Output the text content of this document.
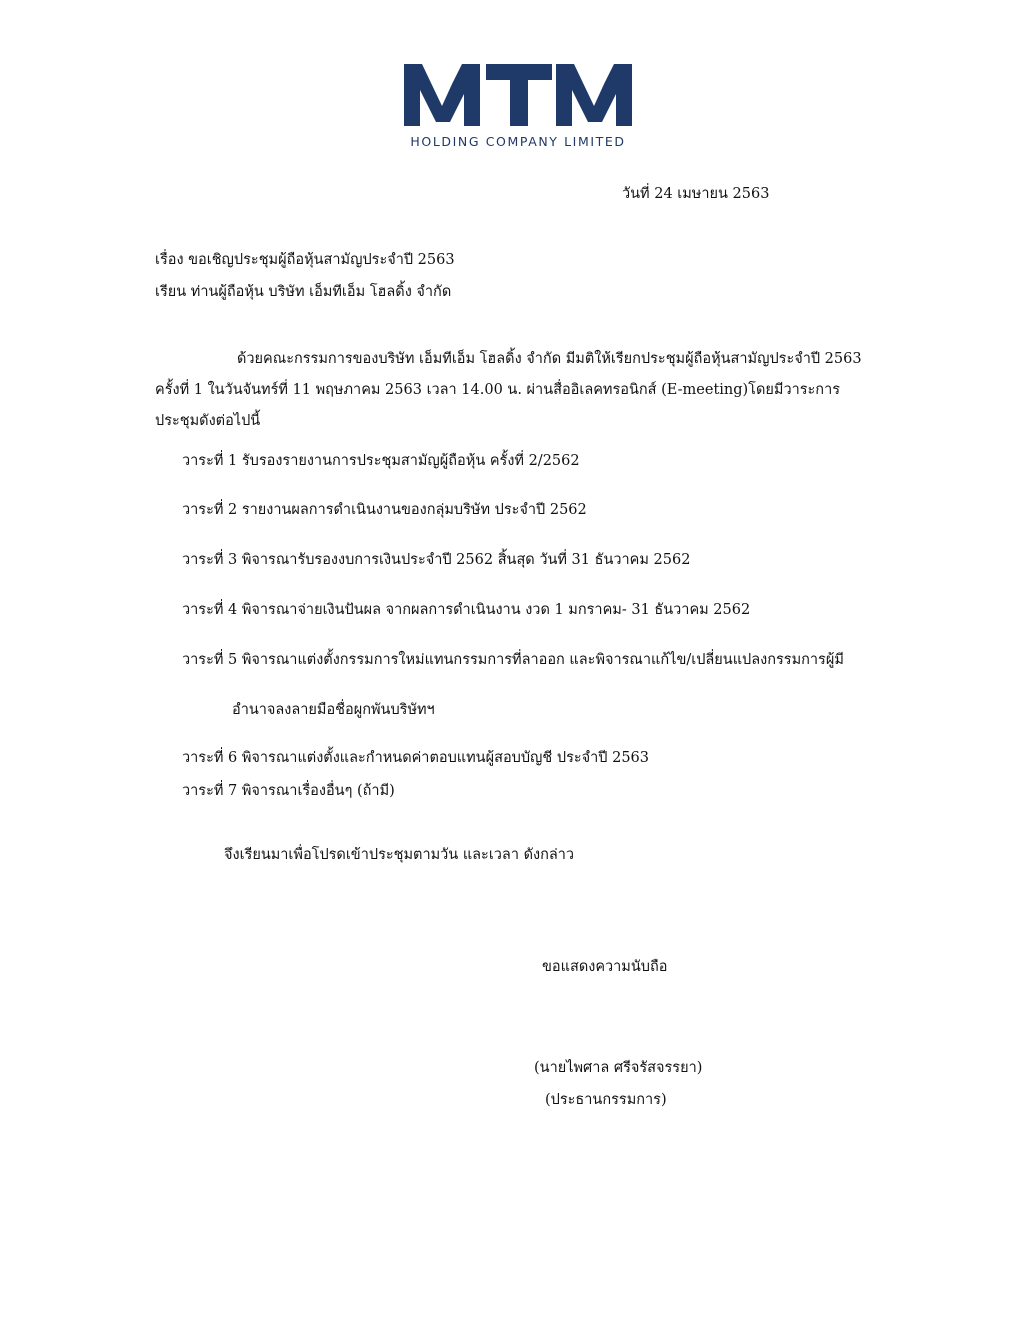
HOLDING COMPANY LIMITED
วันที่ 24 เมษายน 2563
เรื่อง ขอเชิญประชุมผู้ถือหุ้นสามัญประจำปี 2563
เรียน ท่านผู้ถือหุ้น บริษัท เอ็มทีเอ็ม โฮลดิ้ง จำกัด
ด้วยคณะกรรมการของบริษัท เอ็มทีเอ็ม โฮลดิ้ง จำกัด มีมติให้เรียกประชุมผู้ถือหุ้นสามัญประจำปี 2563 ครั้งที่ 1 ในวันจันทร์ที่ 11 พฤษภาคม 2563 เวลา 14.00 น. ผ่านสื่ออิเลคทรอนิกส์ (E-meeting)โดยมีวาระการประชุมดังต่อไปนี้
วาระที่ 1 รับรองรายงานการประชุมสามัญผู้ถือหุ้น ครั้งที่ 2/2562
วาระที่ 2 รายงานผลการดำเนินงานของกลุ่มบริษัท ประจำปี 2562
วาระที่ 3 พิจารณารับรองงบการเงินประจำปี 2562 สิ้นสุด วันที่ 31 ธันวาคม 2562
วาระที่ 4 พิจารณาจ่ายเงินปันผล จากผลการดำเนินงาน งวด 1 มกราคม- 31 ธันวาคม 2562
วาระที่ 5 พิจารณาแต่งตั้งกรรมการใหม่แทนกรรมการที่ลาออก และพิจารณาแก้ไข/เปลี่ยนแปลงกรรมการผู้มี
อำนาจลงลายมือชื่อผูกพันบริษัทฯ
วาระที่ 6 พิจารณาแต่งตั้งและกำหนดค่าตอบแทนผู้สอบบัญชี ประจำปี 2563
วาระที่ 7 พิจารณาเรื่องอื่นๆ (ถ้ามี)
จึงเรียนมาเพื่อโปรดเข้าประชุมตามวัน และเวลา ดังกล่าว
ขอแสดงความนับถือ
(นายไพศาล ศรีจรัสจรรยา)
(ประธานกรรมการ)
